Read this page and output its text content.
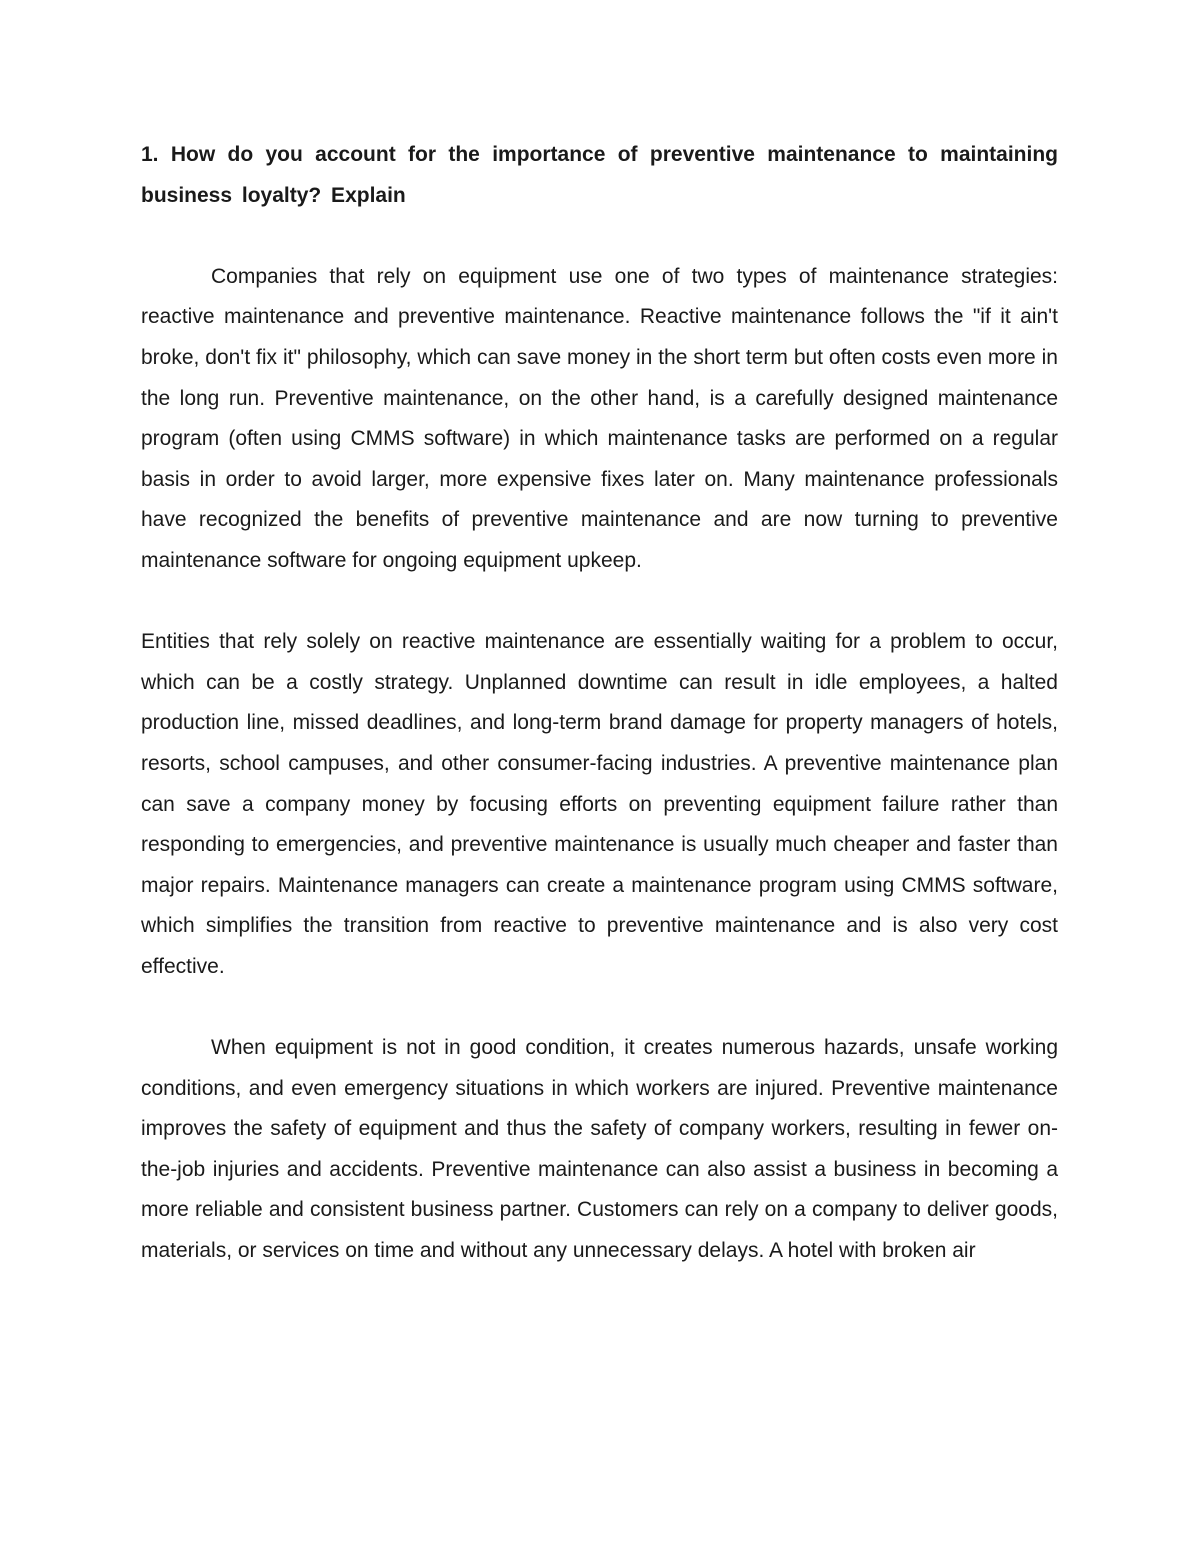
1. How do you account for the importance of preventive maintenance to maintaining business loyalty? Explain

Companies that rely on equipment use one of two types of maintenance strategies: reactive maintenance and preventive maintenance. Reactive maintenance follows the "if it ain't broke, don't fix it" philosophy, which can save money in the short term but often costs even more in the long run. Preventive maintenance, on the other hand, is a carefully designed maintenance program (often using CMMS software) in which maintenance tasks are performed on a regular basis in order to avoid larger, more expensive fixes later on. Many maintenance professionals have recognized the benefits of preventive maintenance and are now turning to preventive maintenance software for ongoing equipment upkeep.

Entities that rely solely on reactive maintenance are essentially waiting for a problem to occur, which can be a costly strategy. Unplanned downtime can result in idle employees, a halted production line, missed deadlines, and long-term brand damage for property managers of hotels, resorts, school campuses, and other consumer-facing industries. A preventive maintenance plan can save a company money by focusing efforts on preventing equipment failure rather than responding to emergencies, and preventive maintenance is usually much cheaper and faster than major repairs. Maintenance managers can create a maintenance program using CMMS software, which simplifies the transition from reactive to preventive maintenance and is also very cost effective.

When equipment is not in good condition, it creates numerous hazards, unsafe working conditions, and even emergency situations in which workers are injured. Preventive maintenance improves the safety of equipment and thus the safety of company workers, resulting in fewer on-the-job injuries and accidents. Preventive maintenance can also assist a business in becoming a more reliable and consistent business partner. Customers can rely on a company to deliver goods, materials, or services on time and without any unnecessary delays. A hotel with broken air
